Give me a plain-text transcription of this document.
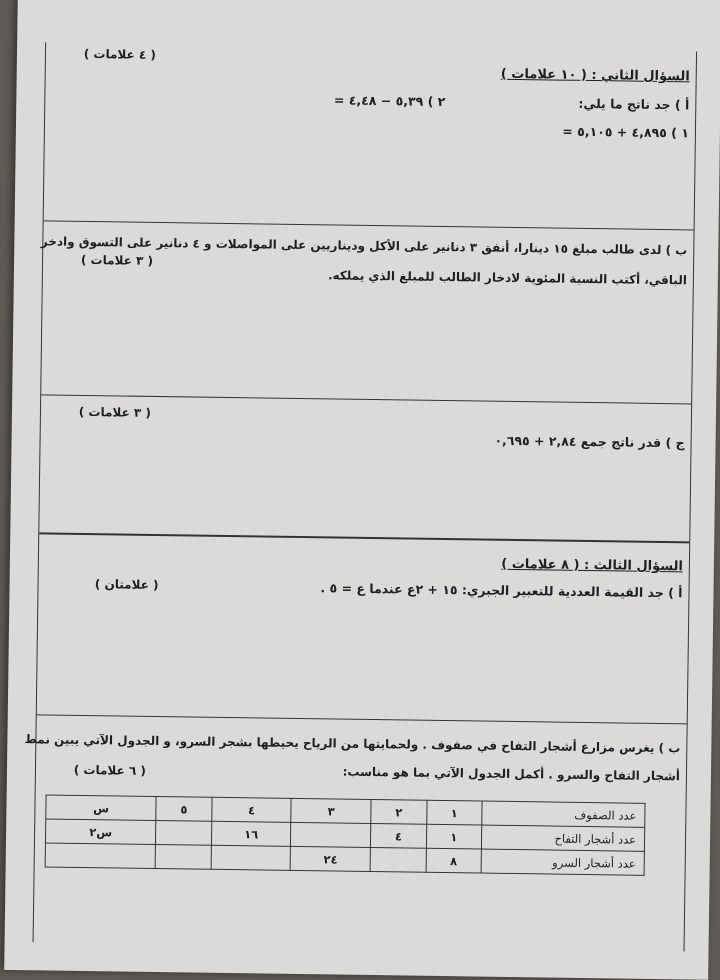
( ٤ علامات )
السؤال الثاني : ( ١٠ علامات )
أ ) جد ناتج ما يلي:
٢ ) ٥,٣٩ − ٤,٤٨ =
١ ) ٤,٨٩٥ + ٥,١٠٥ =
ب ) لدى طالب مبلغ ١٥ دينارا، أنفق ٣ دنانير على الأكل وديناريين على المواصلات و ٤ دنانير على التسوق وادخر
( ٣ علامات )
الباقي، أكتب النسبة المئوية لادخار الطالب للمبلغ الذي يملكه.
( ٣ علامات )
ج ) قدر ناتج جمع ٢,٨٤ + ٠,٦٩٥
السؤال الثالث : ( ٨ علامات )
( علامتان )	أ ) جد القيمة العددية للتعبير الجبري: ١٥ + ٢ع عندما ع = ٥ .
ب ) يغرس مزارع أشجار التفاح في صفوف . ولحمايتها من الرياح يحيطها بشجر السرو، و الجدول الآتي يبين نمط
( ٦ علامات )	أشجار التفاح والسرو . أكمل الجدول الآتي بما هو مناسب:
عدد الصفوف	١	٢	٣	٤	٥	س
عدد أشجار التفاح	١	٤		١٦		س٢
عدد أشجار السرو	٨		٢٤			
